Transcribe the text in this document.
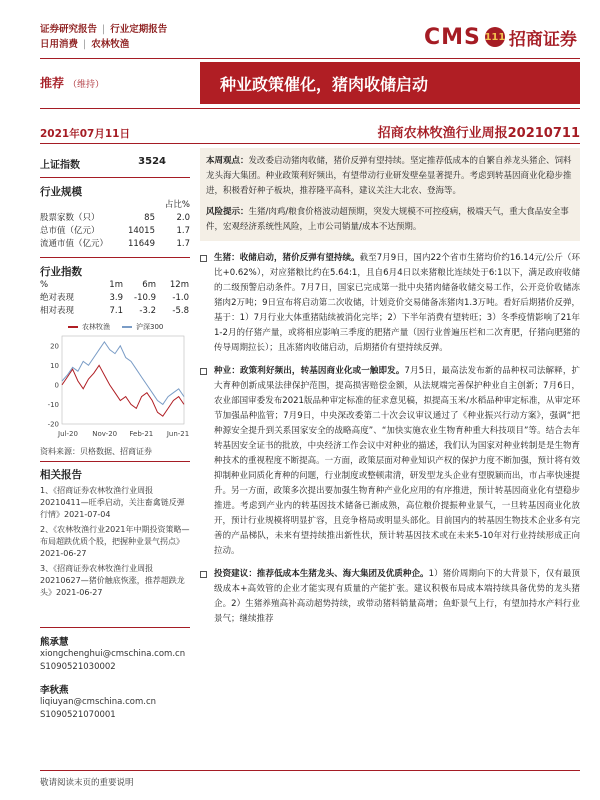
证券研究报告 | 行业定期报告
日用消费 | 农林牧渔	CMS 111 招商证券
推荐 （维持）	种业政策催化，猪肉收储启动
2021年07月11日	招商农林牧渔行业周报20210711
上证指数	3524
行业规模
占比%
股票家数（只）	85	2.0
总市值（亿元）	14015	1.7
流通市值（亿元）	11649	1.7
行业指数
%	1m	6m	12m
绝对表现	3.9	-10.9	-1.0
相对表现	7.1	-3.2	-5.8
农林牧渔	沪深300
20
10
0
-10
-20
Jul-20 Nov-20 Feb-21 Jun-21
资料来源：贝格数据、招商证券
相关报告
1、《招商证券农林牧渔行业周报20210411—旺季启动，关注畜禽链反弹行情》2021-07-04
2、《农林牧渔行业2021年中期投资策略—布局超跌优质个股，把握种业景气拐点》2021-06-27
3、《招商证券农林牧渔行业周报20210627—猪价触底恢涨，推荐超跌龙头》2021-06-27
熊承慧
xiongchenghui@cmschina.com.cn
S1090521030002
李秋燕
liqiuyan@cmschina.com.cn
S1090521070001
本周观点：发改委启动猪肉收储，猪价反弹有望持续。坚定推荐低成本的自繁自养龙头猪企、饲料龙头海大集团。种业政策利好频出，有望带动行业研发壁垒显著提升。考虑到转基因商业化稳步推进，积极看好种子板块，推荐隆平高科，建议关注大北农、登海等。
风险提示：生猪/肉鸡/粮食价格波动超预期，突发大规模不可控疫病，极端天气，重大食品安全事件，宏观经济系统性风险，上市公司销量/成本不达预期。
生猪：收储启动，猪价反弹有望持续。截至7月9日，国内22个省市生猪均价约16.14元/公斤（环比+0.62%），对应猪粮比约在5.64:1，且自6月4日以来猪粮比连续处于6:1以下，满足政府收储的二级预警启动条件。7月7日，国家已完成第一批中央猪肉储备收储交易工作，公开竞价收储冻猪肉2万吨；9日宣布将启动第二次收储，计划竞价交易储备冻猪肉1.3万吨。看好后期猪价反弹，基于：1）7月行业大体重猪陆续被消化完毕；2）下半年消费有望转旺；3）冬季疫情影响了21年1-2月的仔猪产量，或将相应影响三季度的肥猪产量（因行业普遍压栏和二次育肥，仔猪向肥猪的传导周期拉长）；且冻猪肉收储启动，后期猪价有望持续反弹。
种业：政策利好频出，转基因商业化或一触即发。7月5日，最高法发布新的品种权司法解释，扩大育种创新成果法律保护范围，提高损害赔偿金额，从法规端完善保护种业自主创新；7月6日，农业部国审委发布2021版品种审定标准的征求意见稿，拟提高玉米/水稻品种审定标准，从审定环节加强品种监管；7月9日，中央深改委第二十次会议审议通过了《种业振兴行动方案》，强调“把种源安全提升到关系国家安全的战略高度”、“加快实施农业生物育种重大科技项目”等。结合去年转基因安全证书的批放，中央经济工作会议中对种业的描述，我们认为国家对种业转制是是生物育种技术的重视程度不断提高。一方面，政策层面对种业知识产权的保护力度不断加强，预计将有效抑制种业同质化育种的问题，行业制度或整顿肃清，研发型龙头企业有望脱颖而出，市占率快速提升。另一方面，政策多次提出要加强生物育种产业化应用的有序推进，预计转基因商业化有望稳步推进。考虑到产业内的转基因技术储备已渐成熟，高位粮价提振种业景气，一旦转基因商业化放开，预计行业规模将明显扩容，且竞争格局或明显头部化。目前国内的转基因生物技术企业多有完善的产品梯队，未来有望持续推出新性状，预计转基因技术或在未来5-10年对行业持续形成正向拉动。
投资建议：推荐低成本生猪龙头、海大集团及优质种企。1）猪价周期向下的大背景下，仅有最顶级成本+高效管的企业才能实现有质量的产能扩张。建议积极布局成本端持续具备优势的龙头猪企。2）生猪养殖高补高动超势持续，或带动猪料销量高增；鱼虾景气上行，有望加持水产料行业景气；继续推荐
敬请阅读末页的重要说明
